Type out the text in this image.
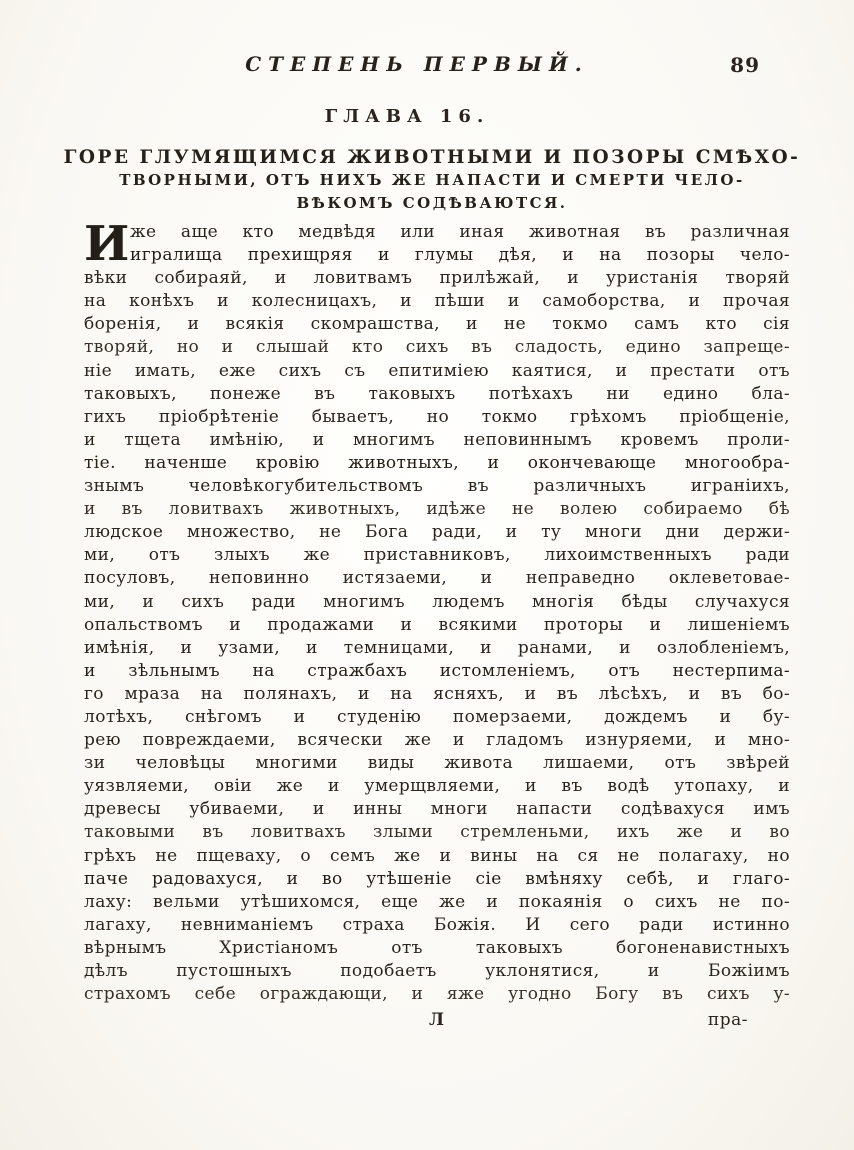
СТЕПЕНЬ ПЕРВЫЙ.	89
ГЛАВА 16.
ГОРЕ ГЛУМЯЩИМСЯ ЖИВОТНЫМИ И ПОЗОРЫ СМѢХО-
ТВОРНЫМИ, ОТЪ НИХЪ ЖЕ НАПАСТИ И СМЕРТИ ЧЕЛО-
ВѢКОМЪ СОДѢВАЮТСЯ.
И же аще кто медвѣдя или иная животная въ различная
игралища прехищряя и глумы дѣя, и на позоры чело-
вѣки собираяй, и ловитвамъ прилѣжай, и уристанія творяй
на конѣхъ и колесницахъ, и пѣши и самоборства, и прочая
боренія, и всякія скомрашства, и не токмо самъ кто сія
творяй, но и слышай кто сихъ въ сладость, едино запреще-
ніе имать, еже сихъ съ епитиміею каятися, и престати отъ
таковыхъ, понеже въ таковыхъ потѣхахъ ни едино бла-
гихъ пріобрѣтеніе бываетъ, но токмо грѣхомъ пріобщеніе,
и тщета имѣнію, и многимъ неповиннымъ кровемъ проли-
тіе. наченше кровію животныхъ, и окончевающе многообра-
знымъ человѣкогубительствомъ въ различныхъ играніихъ,
и въ ловитвахъ животныхъ, идѣже не волею собираемо бѣ
людское множество, не Бога ради, и ту многи дни держи-
ми, отъ злыхъ же приставниковъ, лихоимственныхъ ради
посуловъ, неповинно истязаеми, и неправедно оклеветовае-
ми, и сихъ ради многимъ людемъ многія бѣды случахуся
опальствомъ и продажами и всякими проторы и лишеніемъ
имѣнія, и узами, и темницами, и ранами, и озлобленіемъ,
и зѣльнымъ на стражбахъ истомленіемъ, отъ нестерпима-
го мраза на полянахъ, и на ясняхъ, и въ лѣсѣхъ, и въ бо-
лотѣхъ, снѣгомъ и студенію померзаеми, дождемъ и бу-
рею повреждаеми, всячески же и гладомъ изнуряеми, и мно-
зи человѣцы многими виды живота лишаеми, отъ звѣрей
уязвляеми, овіи же и умерщвляеми, и въ водѣ утопаху, и
древесы убиваеми, и инны многи напасти содѣвахуся имъ
таковыми въ ловитвахъ злыми стремленьми, ихъ же и во
грѣхъ не пщеваху, о семъ же и вины на ся не полагаху, но
паче радовахуся, и во утѣшеніе сіе вмѣняху себѣ, и глаго-
лаху: вельми утѣшихомся, еще же и покаянія о сихъ не по-
лагаху, невниманіемъ страха Божія. И сего ради истинно
вѣрнымъ Христіаномъ отъ таковыхъ богоненавистныхъ
дѣлъ пустошныхъ подобаетъ уклонятися, и Божіимъ
страхомъ себе ограждающи, и яже угодно Богу въ сихъ у-
Л	пра-
